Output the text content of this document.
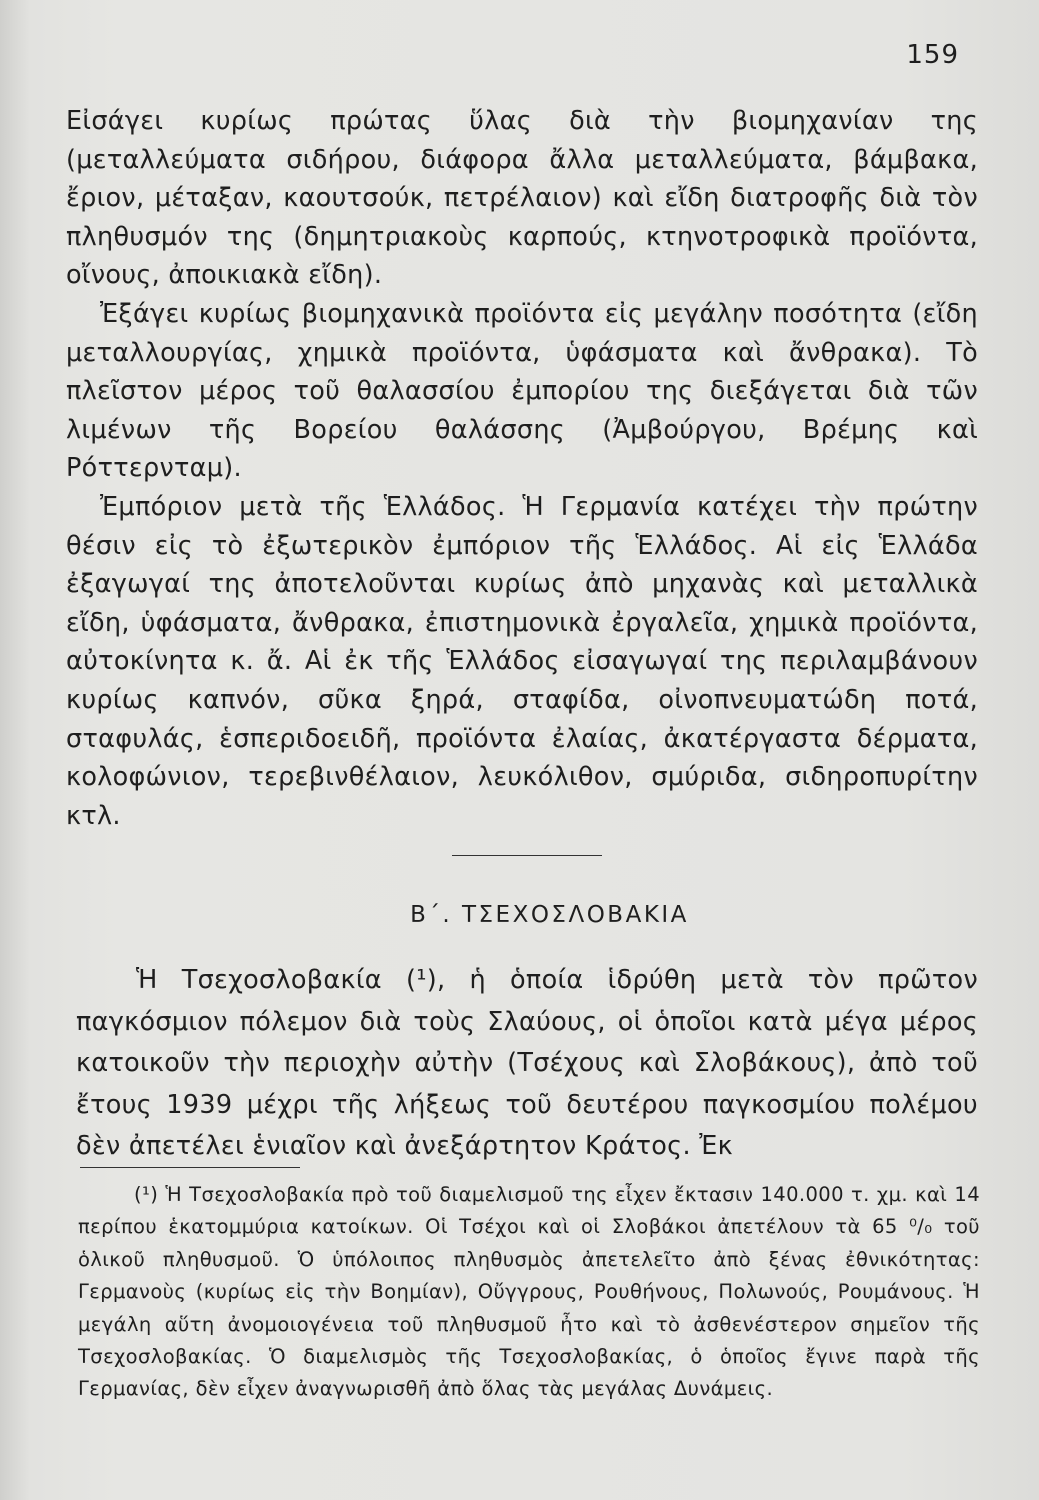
159

Εἰσάγει κυρίως πρώτας ὕλας διὰ τὴν βιομηχανίαν της (μεταλλεύματα σιδήρου, διάφορα ἄλλα μεταλλεύματα, βάμβακα, ἔριον, μέταξαν, καουτσούκ, πετρέλαιον) καὶ εἴδη διατροφῆς διὰ τὸν πληθυσμόν της (δημητριακοὺς καρπούς, κτηνοτροφικὰ προϊόντα, οἴνους, ἀποικιακὰ εἴδη).

Ἐξάγει κυρίως βιομηχανικὰ προϊόντα εἰς μεγάλην ποσότητα (εἴδη μεταλλουργίας, χημικὰ προϊόντα, ὑφάσματα καὶ ἄνθρακα). Τὸ πλεῖστον μέρος τοῦ θαλασσίου ἐμπορίου της διεξάγεται διὰ τῶν λιμένων τῆς Βορείου θαλάσσης (Ἀμβούργου, Βρέμης καὶ Ρόττερνταμ).

Ἐμπόριον μετὰ τῆς Ἑλλάδος. Ἡ Γερμανία κατέχει τὴν πρώτην θέσιν εἰς τὸ ἐξωτερικὸν ἐμπόριον τῆς Ἑλλάδος. Αἱ εἰς Ἑλλάδα ἐξαγωγαί της ἀποτελοῦνται κυρίως ἀπὸ μηχανὰς καὶ μεταλλικὰ εἴδη, ὑφάσματα, ἄνθρακα, ἐπιστημονικὰ ἐργαλεῖα, χημικὰ προϊόντα, αὐτοκίνητα κ. ἄ. Αἱ ἐκ τῆς Ἑλλάδος εἰσαγωγαί της περιλαμβάνουν κυρίως καπνόν, σῦκα ξηρά, σταφίδα, οἰνοπνευματώδη ποτά, σταφυλάς, ἑσπεριδοειδῆ, προϊόντα ἐλαίας, ἀκατέργαστα δέρματα, κολοφώνιον, τερεβινθέλαιον, λευκόλιθον, σμύριδα, σιδηροπυρίτην κτλ.

Β΄. ΤΣΕΧΟΣΛΟΒΑΚΙΑ

Ἡ Τσεχοσλοβακία (¹), ἡ ὁποία ἱδρύθη μετὰ τὸν πρῶτον παγκόσμιον πόλεμον διὰ τοὺς Σλαύους, οἱ ὁποῖοι κατὰ μέγα μέρος κατοικοῦν τὴν περιοχὴν αὐτὴν (Τσέχους καὶ Σλοβάκους), ἀπὸ τοῦ ἔτους 1939 μέχρι τῆς λήξεως τοῦ δευτέρου παγκοσμίου πολέμου δὲν ἀπετέλει ἑνιαῖον καὶ ἀνεξάρτητον Κράτος. Ἐκ

(¹) Ἡ Τσεχοσλοβακία πρὸ τοῦ διαμελισμοῦ της εἶχεν ἔκτασιν 140.000 τ. χμ. καὶ 14 περίπου ἑκατομμύρια κατοίκων. Οἱ Τσέχοι καὶ οἱ Σλοβάκοι ἀπετέλουν τὰ 65 ⁰/₀ τοῦ ὁλικοῦ πληθυσμοῦ. Ὁ ὑπόλοιπος πληθυσμὸς ἀπετελεῖτο ἀπὸ ξένας ἐθνικότητας: Γερμανοὺς (κυρίως εἰς τὴν Βοημίαν), Οὔγγρους, Ρουθήνους, Πολωνούς, Ρουμάνους. Ἡ μεγάλη αὕτη ἀνομοιογένεια τοῦ πληθυσμοῦ ἦτο καὶ τὸ ἀσθενέστερον σημεῖον τῆς Τσεχοσλοβακίας. Ὁ διαμελισμὸς τῆς Τσεχοσλοβακίας, ὁ ὁποῖος ἔγινε παρὰ τῆς Γερμανίας, δὲν εἶχεν ἀναγνωρισθῆ ἀπὸ ὅλας τὰς μεγάλας Δυνάμεις.
